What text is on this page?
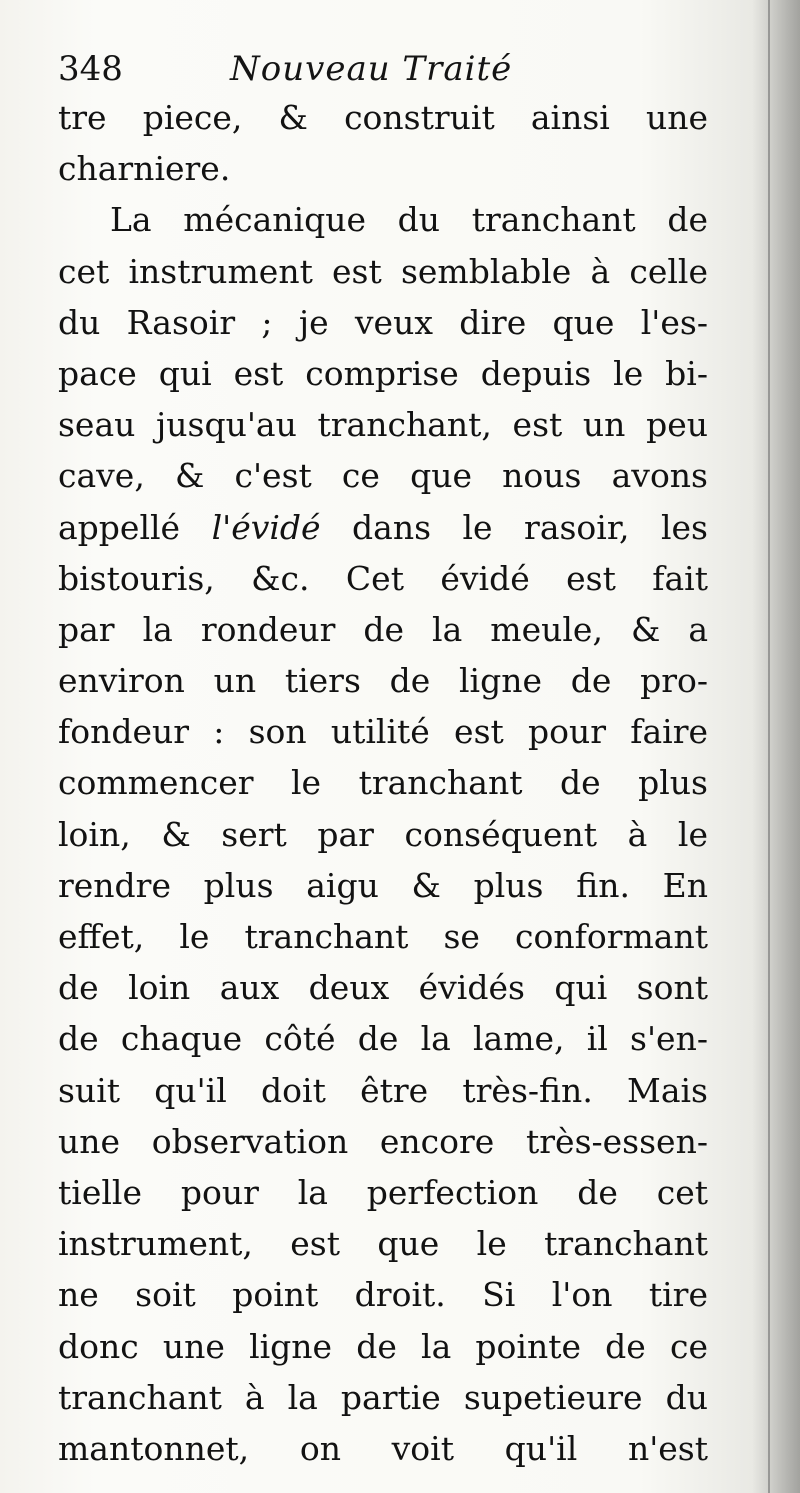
348	Nouveau Traité
tre piece, & construit ainsi une
charniere.
La mécanique du tranchant de
cet instrument est semblable à celle
du Rasoir ; je veux dire que l'es-
pace qui est comprise depuis le bi-
seau jusqu'au tranchant, est un peu
cave, & c'est ce que nous avons
appellé l'évidé dans le rasoir, les
bistouris, &c. Cet évidé est fait
par la rondeur de la meule, & a
environ un tiers de ligne de pro-
fondeur : son utilité est pour faire
commencer le tranchant de plus
loin, & sert par conséquent à le
rendre plus aigu & plus fin. En
effet, le tranchant se conformant
de loin aux deux évidés qui sont
de chaque côté de la lame, il s'en-
suit qu'il doit être très-fin. Mais
une observation encore très-essen-
tielle pour la perfection de cet
instrument, est que le tranchant
ne soit point droit. Si l'on tire
donc une ligne de la pointe de ce
tranchant à la partie supetieure du
mantonnet, on voit qu'il n'est
